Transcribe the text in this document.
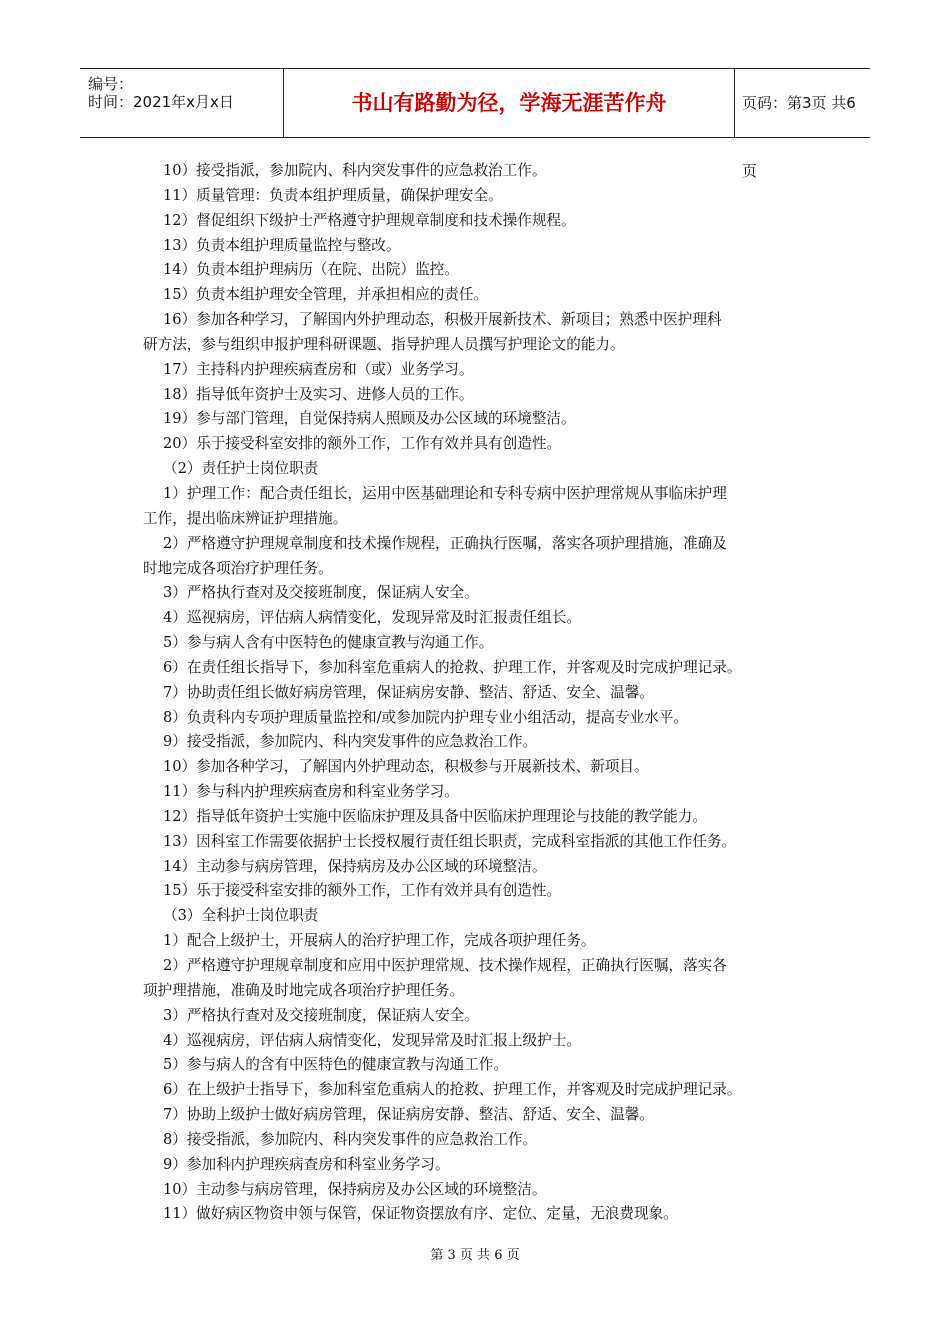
编号：
时间：2021年x月x日	书山有路勤为径，学海无涯苦作舟	页码：第3页 共6页
10）接受指派，参加院内、科内突发事件的应急救治工作。
11）质量管理：负责本组护理质量，确保护理安全。
12）督促组织下级护士严格遵守护理规章制度和技术操作规程。
13）负责本组护理质量监控与整改。
14）负责本组护理病历（在院、出院）监控。
15）负责本组护理安全管理，并承担相应的责任。
16）参加各种学习，了解国内外护理动态，积极开展新技术、新项目；熟悉中医护理科
研方法，参与组织申报护理科研课题、指导护理人员撰写护理论文的能力。
17）主持科内护理疾病查房和（或）业务学习。
18）指导低年资护士及实习、进修人员的工作。
19）参与部门管理，自觉保持病人照顾及办公区域的环境整洁。
20）乐于接受科室安排的额外工作，工作有效并具有创造性。
（2）责任护士岗位职责
1）护理工作：配合责任组长，运用中医基础理论和专科专病中医护理常规从事临床护理
工作，提出临床辨证护理措施。
2）严格遵守护理规章制度和技术操作规程，正确执行医嘱，落实各项护理措施，准确及
时地完成各项治疗护理任务。
3）严格执行查对及交接班制度，保证病人安全。
4）巡视病房，评估病人病情变化，发现异常及时汇报责任组长。
5）参与病人含有中医特色的健康宣教与沟通工作。
6）在责任组长指导下，参加科室危重病人的抢救、护理工作，并客观及时完成护理记录。
7）协助责任组长做好病房管理，保证病房安静、整洁、舒适、安全、温馨。
8）负责科内专项护理质量监控和/或参加院内护理专业小组活动，提高专业水平。
9）接受指派，参加院内、科内突发事件的应急救治工作。
10）参加各种学习，了解国内外护理动态，积极参与开展新技术、新项目。
11）参与科内护理疾病查房和科室业务学习。
12）指导低年资护士实施中医临床护理及具备中医临床护理理论与技能的教学能力。
13）因科室工作需要依据护士长授权履行责任组长职责，完成科室指派的其他工作任务。
14）主动参与病房管理，保持病房及办公区域的环境整洁。
15）乐于接受科室安排的额外工作，工作有效并具有创造性。
（3）全科护士岗位职责
1）配合上级护士，开展病人的治疗护理工作，完成各项护理任务。
2）严格遵守护理规章制度和应用中医护理常规、技术操作规程，正确执行医嘱，落实各
项护理措施，准确及时地完成各项治疗护理任务。
3）严格执行查对及交接班制度，保证病人安全。
4）巡视病房，评估病人病情变化，发现异常及时汇报上级护士。
5）参与病人的含有中医特色的健康宣教与沟通工作。
6）在上级护士指导下，参加科室危重病人的抢救、护理工作，并客观及时完成护理记录。
7）协助上级护士做好病房管理，保证病房安静、整洁、舒适、安全、温馨。
8）接受指派，参加院内、科内突发事件的应急救治工作。
9）参加科内护理疾病查房和科室业务学习。
10）主动参与病房管理，保持病房及办公区域的环境整洁。
11）做好病区物资申领与保管，保证物资摆放有序、定位、定量，无浪费现象。
第 3 页 共 6 页
